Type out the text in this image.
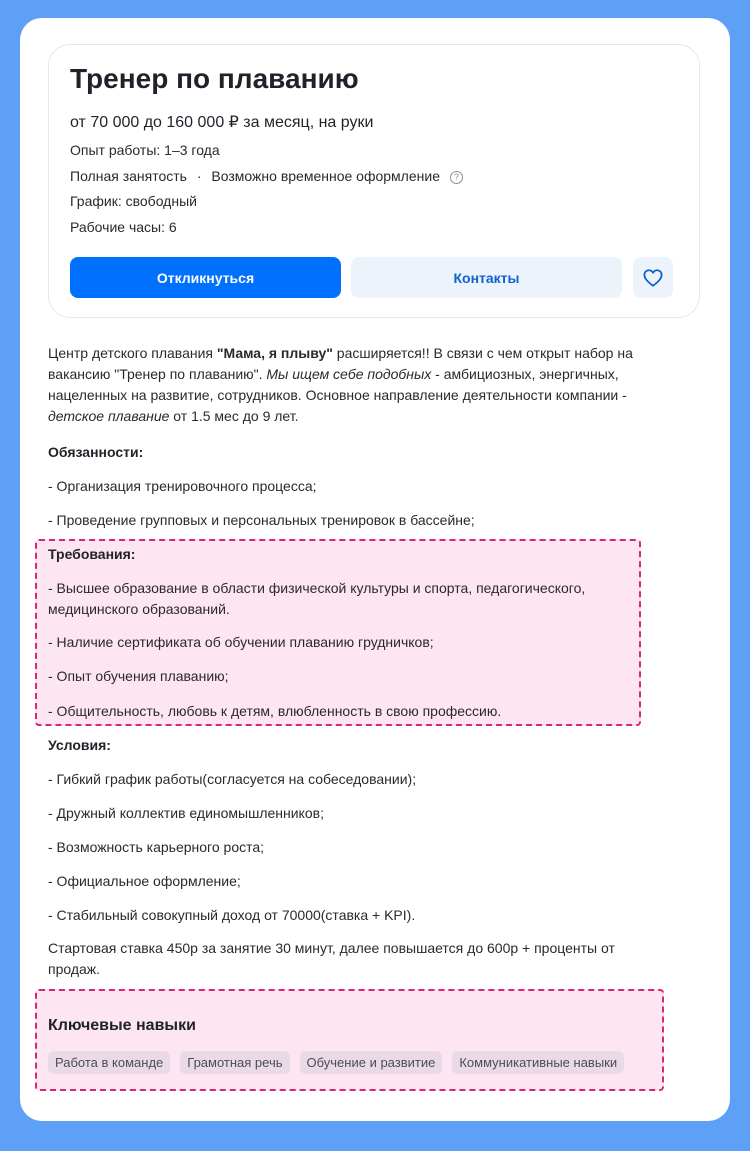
Тренер по плаванию
от 70 000 до 160 000 ₽ за месяц, на руки
Опыт работы: 1–3 года
Полная занятость · Возможно временное оформление ?
График: свободный
Рабочие часы: 6
Откликнуться	Контакты

Центр детского плавания "Мама, я плыву" расширяется!! В связи с чем открыт набор на вакансию "Тренер по плаванию". Мы ищем себе подобных - амбициозных, энергичных, нацеленных на развитие, сотрудников. Основное направление деятельности компании - детское плавание от 1.5 мес до 9 лет.

Обязанности:
- Организация тренировочного процесса;
- Проведение групповых и персональных тренировок в бассейне;
Требования:
- Высшее образование в области физической культуры и спорта, педагогического, медицинского образований.
- Наличие сертификата об обучении плаванию грудничков;
- Опыт обучения плаванию;
- Общительность, любовь к детям, влюбленность в свою профессию.
Условия:
- Гибкий график работы(согласуется на собеседовании);
- Дружный коллектив единомышленников;
- Возможность карьерного роста;
- Официальное оформление;
- Стабильный совокупный доход от 70000(ставка + KPI).
Стартовая ставка 450р за занятие 30 минут, далее повышается до 600р + проценты от продаж.
Ключевые навыки
Работа в команде	Грамотная речь	Обучение и развитие	Коммуникативные навыки
